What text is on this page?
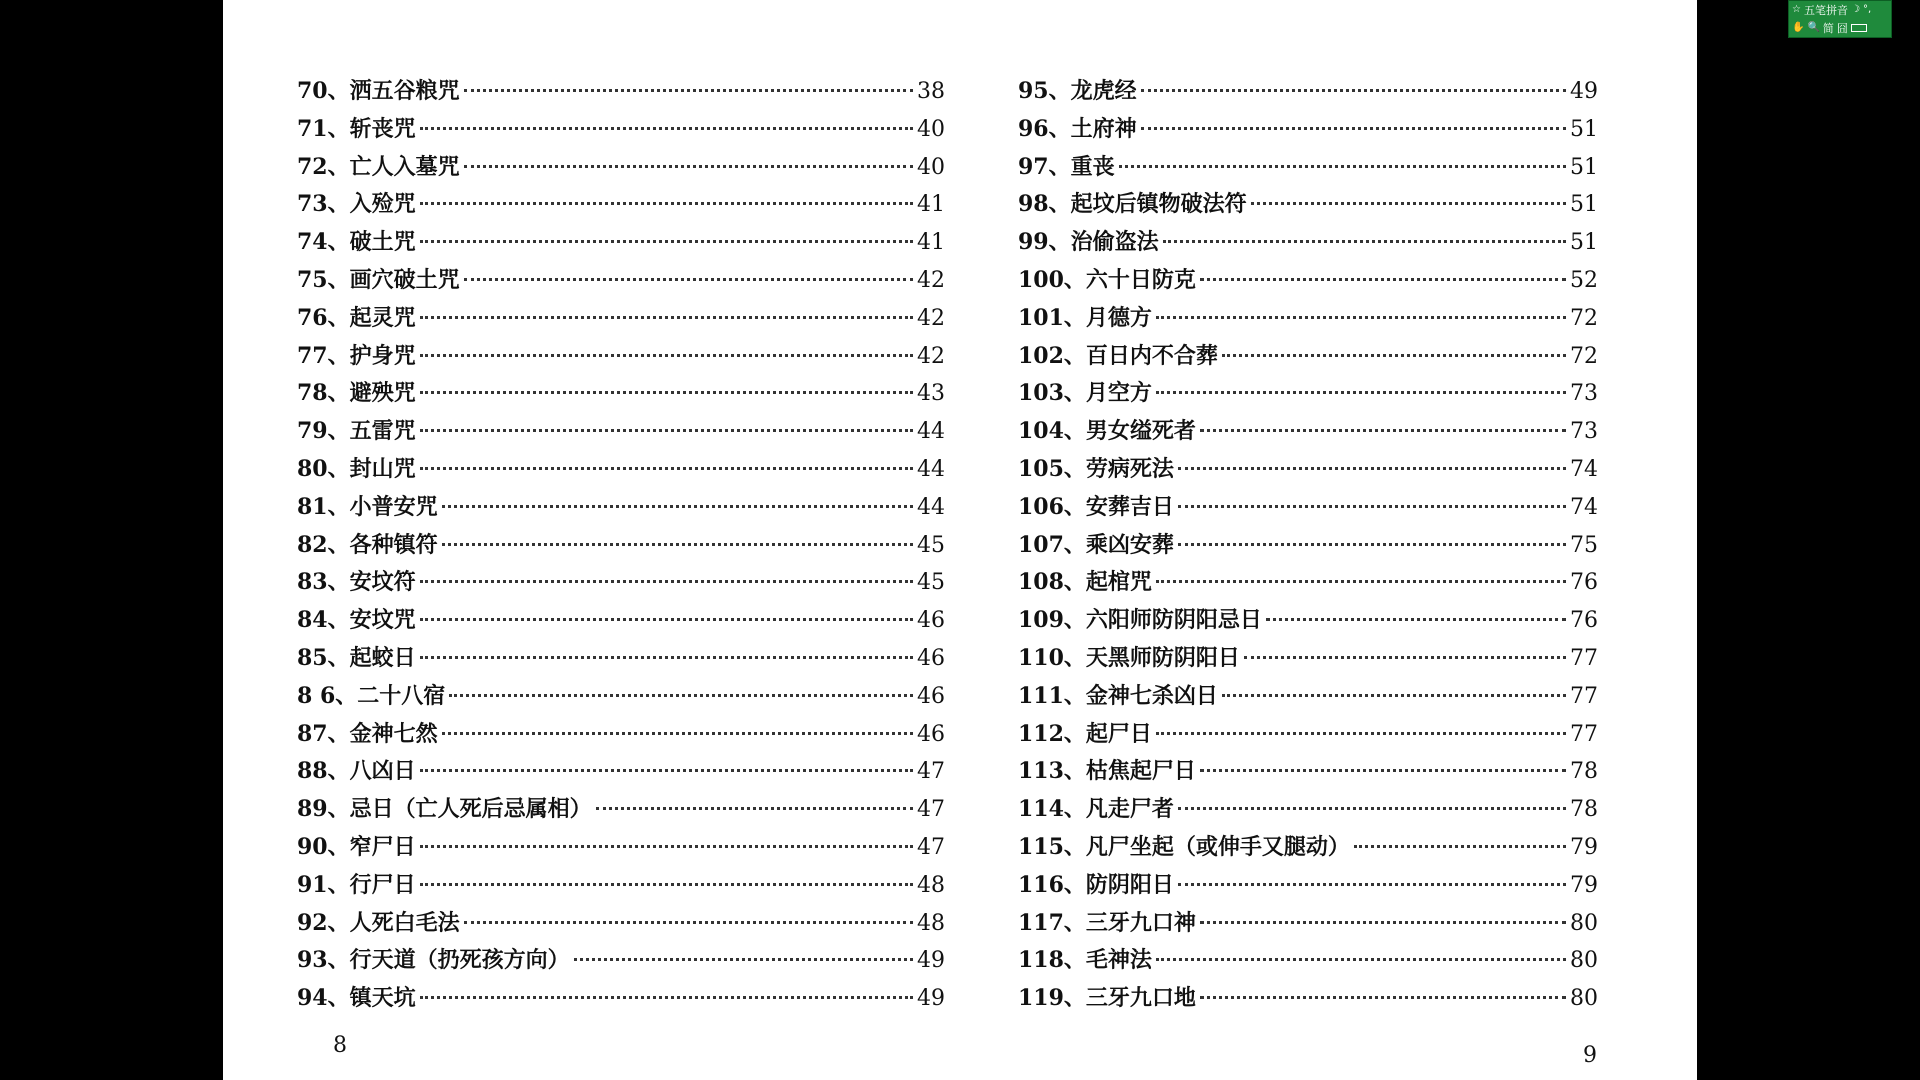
70、洒五谷粮咒	38
71、斩丧咒	40
72、亡人入墓咒	40
73、入殓咒	41
74、破土咒	41
75、画穴破土咒	42
76、起灵咒	42
77、护身咒	42
78、避殃咒	43
79、五雷咒	44
80、封山咒	44
81、小普安咒	44
82、各种镇符	45
83、安坟符	45
84、安坟咒	46
85、起蛟日	46
8 6、二十八宿	46
87、金神七然	46
88、八凶日	47
89、忌日（亡人死后忌属相）	47
90、窄尸日	47
91、行尸日	48
92、人死白毛法	48
93、行天道（扔死孩方向）	49
94、镇天坑	49
95、龙虎经	49
96、土府神	51
97、重丧	51
98、起坟后镇物破法符	51
99、治偷盗法	51
100、六十日防克	52
101、月德方	72
102、百日内不合葬	72
103、月空方	73
104、男女缢死者	73
105、劳病死法	74
106、安葬吉日	74
107、乘凶安葬	75
108、起棺咒	76
109、六阳师防阴阳忌日	76
110、天黑师防阴阳日	77
111、金神七杀凶日	77
112、起尸日	77
113、枯焦起尸日	78
114、凡走尸者	78
115、凡尸坐起（或伸手又腿动）	79
116、防阴阳日	79
117、三牙九口神	80
118、毛神法	80
119、三牙九口地	80
8	9
☆ 五笔拼音 ☽ °,
✋ 🔍 简 囧
